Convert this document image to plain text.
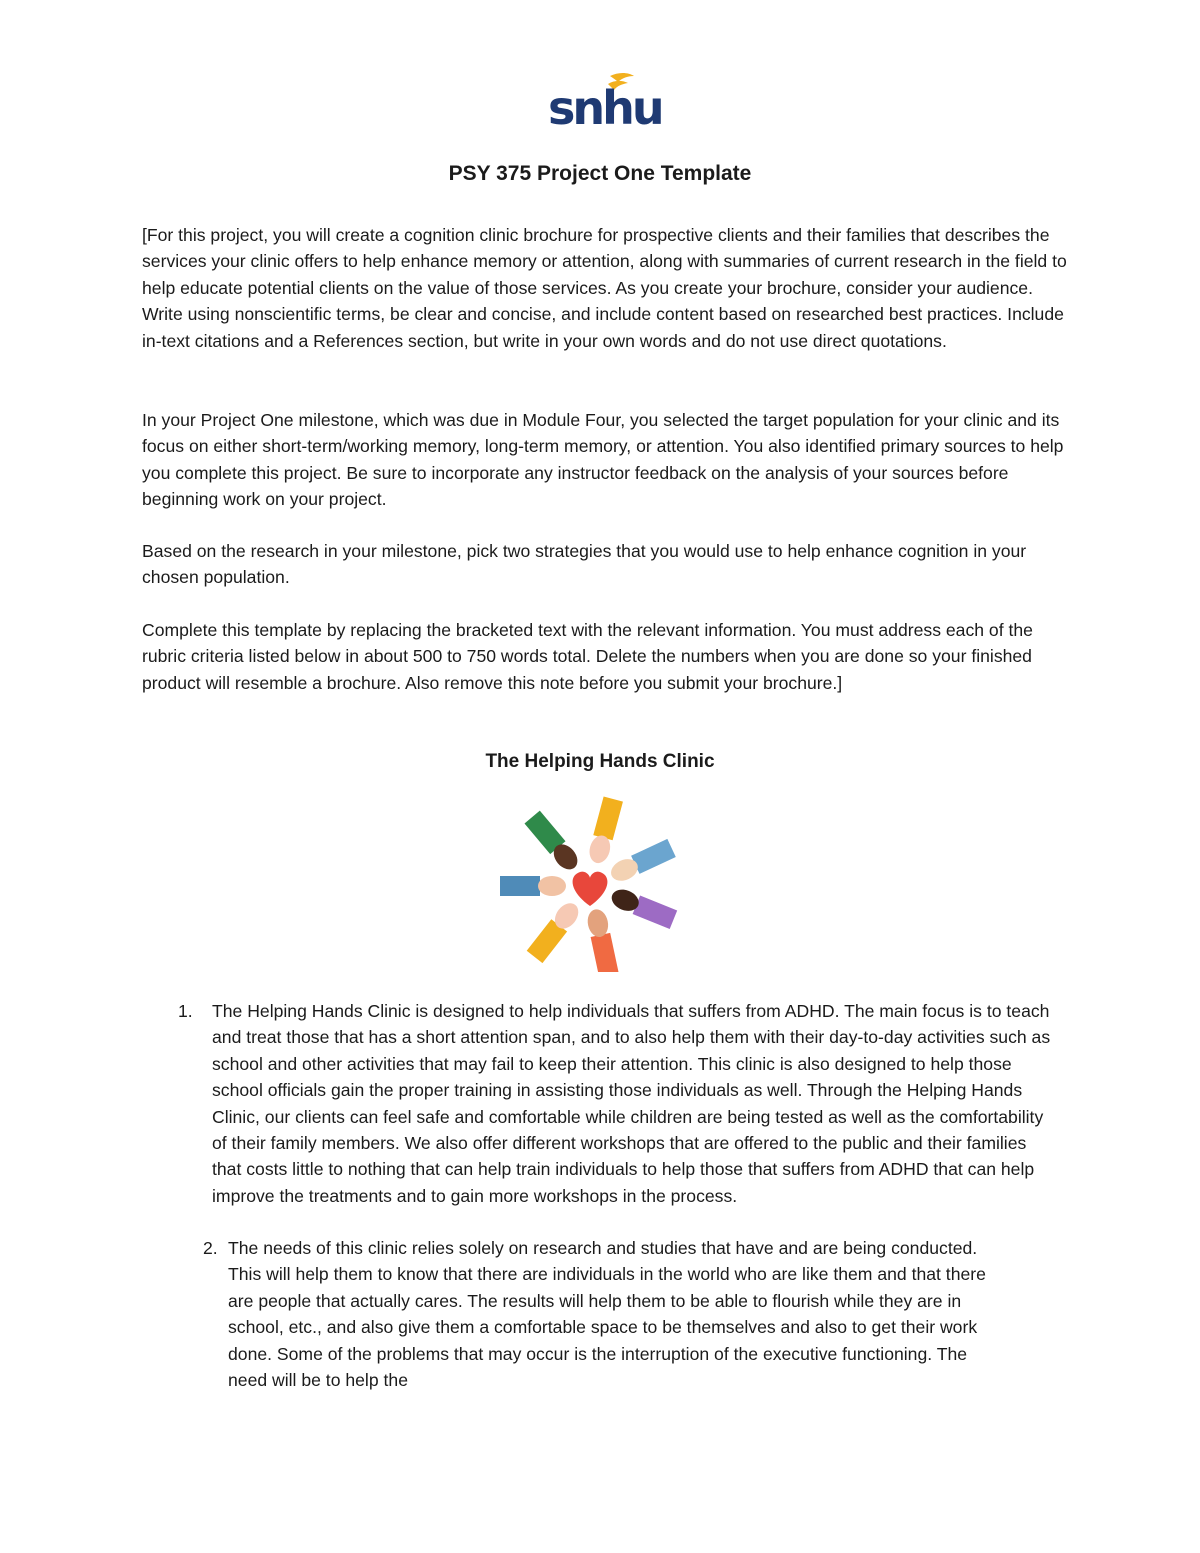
snhu
PSY 375 Project One Template

[For this project, you will create a cognition clinic brochure for prospective clients and their families that describes the services your clinic offers to help enhance memory or attention, along with summaries of current research in the field to help educate potential clients on the value of those services. As you create your brochure, consider your audience. Write using nonscientific terms, be clear and concise, and include content based on researched best practices. Include in-text citations and a References section, but write in your own words and do not use direct quotations.

In your Project One milestone, which was due in Module Four, you selected the target population for your clinic and its focus on either short-term/working memory, long-term memory, or attention. You also identified primary sources to help you complete this project. Be sure to incorporate any instructor feedback on the analysis of your sources before beginning work on your project.

Based on the research in your milestone, pick two strategies that you would use to help enhance cognition in your chosen population.

Complete this template by replacing the bracketed text with the relevant information. You must address each of the rubric criteria listed below in about 500 to 750 words total. Delete the numbers when you are done so your finished product will resemble a brochure. Also remove this note before you submit your brochure.]

The Helping Hands Clinic
1. The Helping Hands Clinic is designed to help individuals that suffers from ADHD. The main focus is to teach and treat those that has a short attention span, and to also help them with their day-to-day activities such as school and other activities that may fail to keep their attention. This clinic is also designed to help those school officials gain the proper training in assisting those individuals as well. Through the Helping Hands Clinic, our clients can feel safe and comfortable while children are being tested as well as the comfortability of their family members. We also offer different workshops that are offered to the public and their families that costs little to nothing that can help train individuals to help those that suffers from ADHD that can help improve the treatments and to gain more workshops in the process.

2. The needs of this clinic relies solely on research and studies that have and are being conducted. This will help them to know that there are individuals in the world who are like them and that there are people that actually cares. The results will help them to be able to flourish while they are in school, etc., and also give them a comfortable space to be themselves and also to get their work done. Some of the problems that may occur is the interruption of the executive functioning. The need will be to help the
